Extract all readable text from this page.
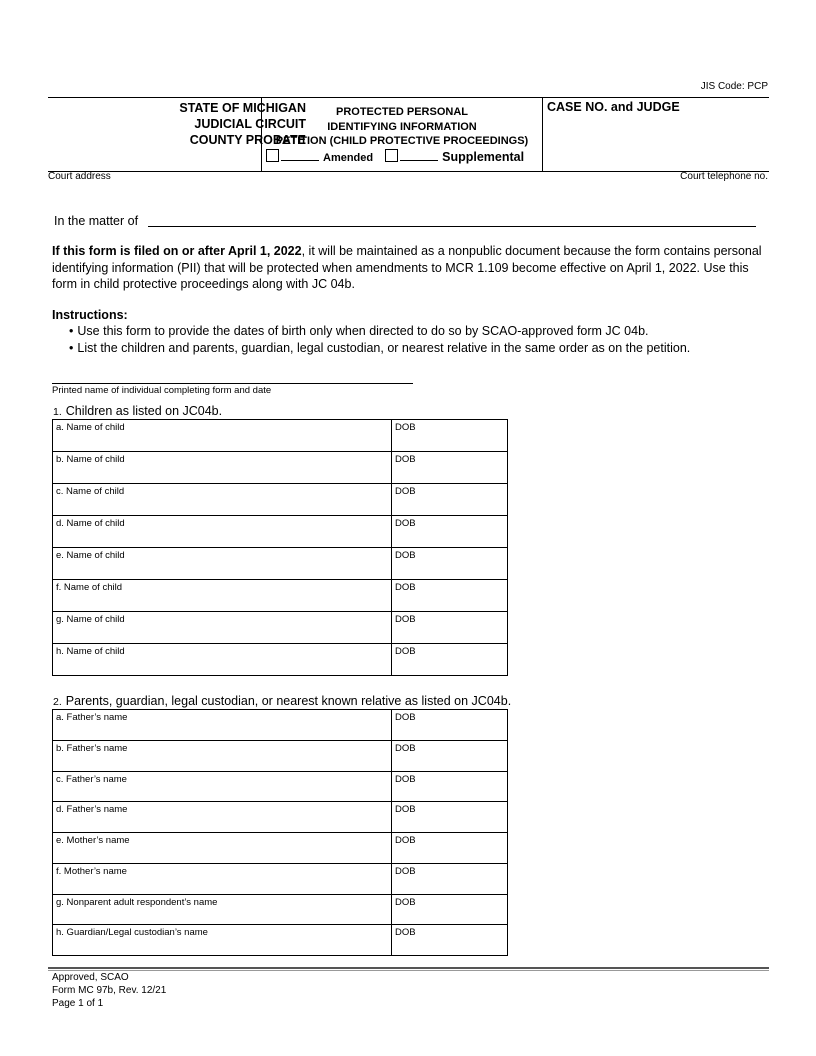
JIS Code: PCP
STATE OF MICHIGAN
JUDICIAL CIRCUIT
COUNTY PROBATE
PROTECTED PERSONAL
IDENTIFYING INFORMATION
PETITION (CHILD PROTECTIVE PROCEEDINGS)
Amended	Supplemental
CASE NO. and JUDGE
Court address	Court telephone no.
In the matter of
If this form is filed on or after April 1, 2022, it will be maintained as a nonpublic document because the form contains personal identifying information (PII) that will be protected when amendments to MCR 1.109 become effective on April 1, 2022. Use this form in child protective proceedings along with JC 04b.
Instructions:
• Use this form to provide the dates of birth only when directed to do so by SCAO-approved form JC 04b.
• List the children and parents, guardian, legal custodian, or nearest relative in the same order as on the petition.
Printed name of individual completing form and date
1. Children as listed on JC04b.
a. Name of child	DOB
b. Name of child	DOB
c. Name of child	DOB
d. Name of child	DOB
e. Name of child	DOB
f. Name of child	DOB
g. Name of child	DOB
h. Name of child	DOB
2. Parents, guardian, legal custodian, or nearest known relative as listed on JC04b.
a. Father’s name	DOB
b. Father’s name	DOB
c. Father’s name	DOB
d. Father’s name	DOB
e. Mother’s name	DOB
f. Mother’s name	DOB
g. Nonparent adult respondent’s name	DOB
h. Guardian/Legal custodian’s name	DOB
Approved, SCAO
Form MC 97b, Rev. 12/21
Page 1 of 1
